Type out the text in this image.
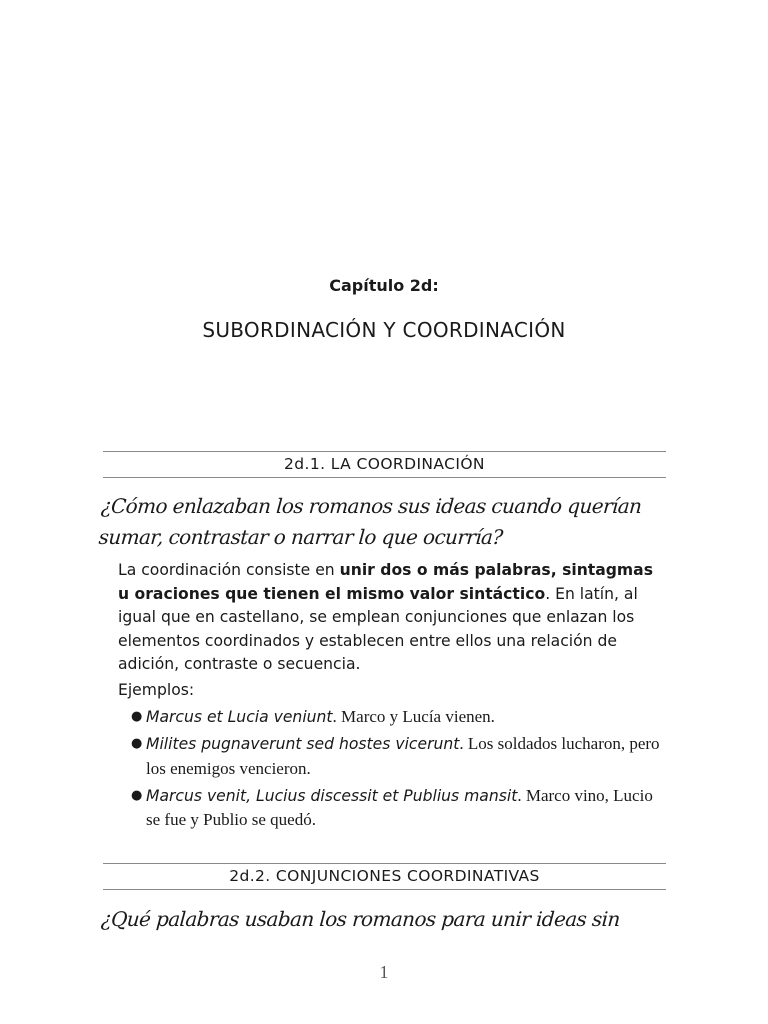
Capítulo 2d:
SUBORDINACIÓN Y COORDINACIÓN
2d.1. LA COORDINACIÓN
¿Cómo enlazaban los romanos sus ideas cuando querían sumar, contrastar o narrar lo que ocurría?
La coordinación consiste en unir dos o más palabras, sintagmas u oraciones que tienen el mismo valor sintáctico. En latín, al igual que en castellano, se emplean conjunciones que enlazan los elementos coordinados y establecen entre ellos una relación de adición, contraste o secuencia.
Ejemplos:
● Marcus et Lucia veniunt. Marco y Lucía vienen.
● Milites pugnaverunt sed hostes vicerunt. Los soldados lucharon, pero los enemigos vencieron.
● Marcus venit, Lucius discessit et Publius mansit. Marco vino, Lucio se fue y Publio se quedó.
2d.2. CONJUNCIONES COORDINATIVAS
¿Qué palabras usaban los romanos para unir ideas sin
1
